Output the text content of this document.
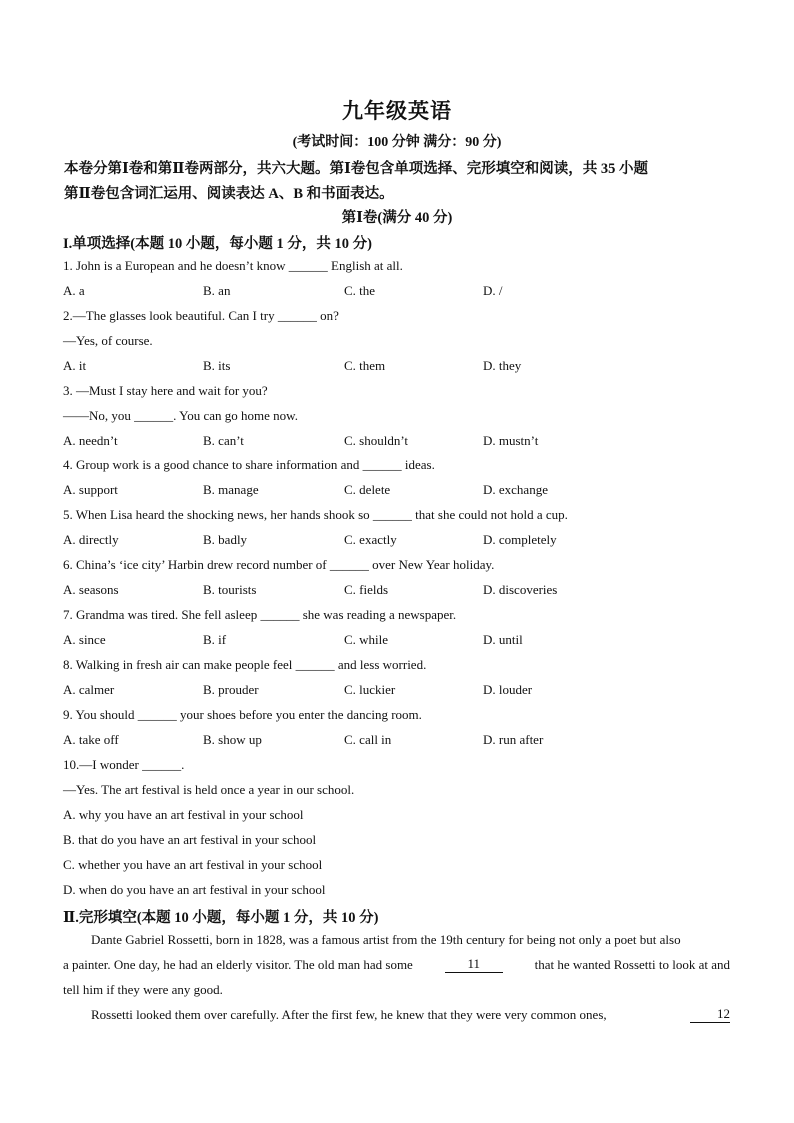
九年级英语
(考试时间：100 分钟 满分：90 分)
本卷分第Ⅰ卷和第Ⅱ卷两部分，共六大题。第Ⅰ卷包含单项选择、完形填空和阅读，共 35 小题
第Ⅱ卷包含词汇运用、阅读表达 A、B 和书面表达。
第Ⅰ卷(满分 40 分)
I.单项选择(本题 10 小题，每小题 1 分，共 10 分)
1. John is a European and he doesn’t know ______ English at all.
A. a	B. an	C. the	D. /
2.—The glasses look beautiful. Can I try ______ on?
—Yes, of course.
A. it	B. its	C. them	D. they
3. —Must I stay here and wait for you?
——No, you ______. You can go home now.
A. needn’t	B. can’t	C. shouldn’t	D. mustn’t
4. Group work is a good chance to share information and ______ ideas.
A. support	B. manage	C. delete	D. exchange
5. When Lisa heard the shocking news, her hands shook so ______ that she could not hold a cup.
A. directly	B. badly	C. exactly	D. completely
6. China’s ‘ice city’ Harbin drew record number of ______ over New Year holiday.
A. seasons	B. tourists	C. fields	D. discoveries
7. Grandma was tired. She fell asleep ______ she was reading a newspaper.
A. since	B. if	C. while	D. until
8. Walking in fresh air can make people feel ______ and less worried.
A. calmer	B. prouder	C. luckier	D. louder
9. You should ______ your shoes before you enter the dancing room.
A. take off	B. show up	C. call in	D. run after
10.—I wonder ______.
—Yes. The art festival is held once a year in our school.
A. why you have an art festival in your school
B. that do you have an art festival in your school
C. whether you have an art festival in your school
D. when do you have an art festival in your school
Ⅱ.完形填空(本题 10 小题，每小题 1 分，共 10 分)
Dante Gabriel Rossetti, born in 1828, was a famous artist from the 19th century for being not only a poet but also
a painter. One day, he had an elderly visitor. The old man had some	11	that he wanted Rossetti to look at and
tell him if they were any good.
Rossetti looked them over carefully. After the first few, he knew that they were very common ones,	12
